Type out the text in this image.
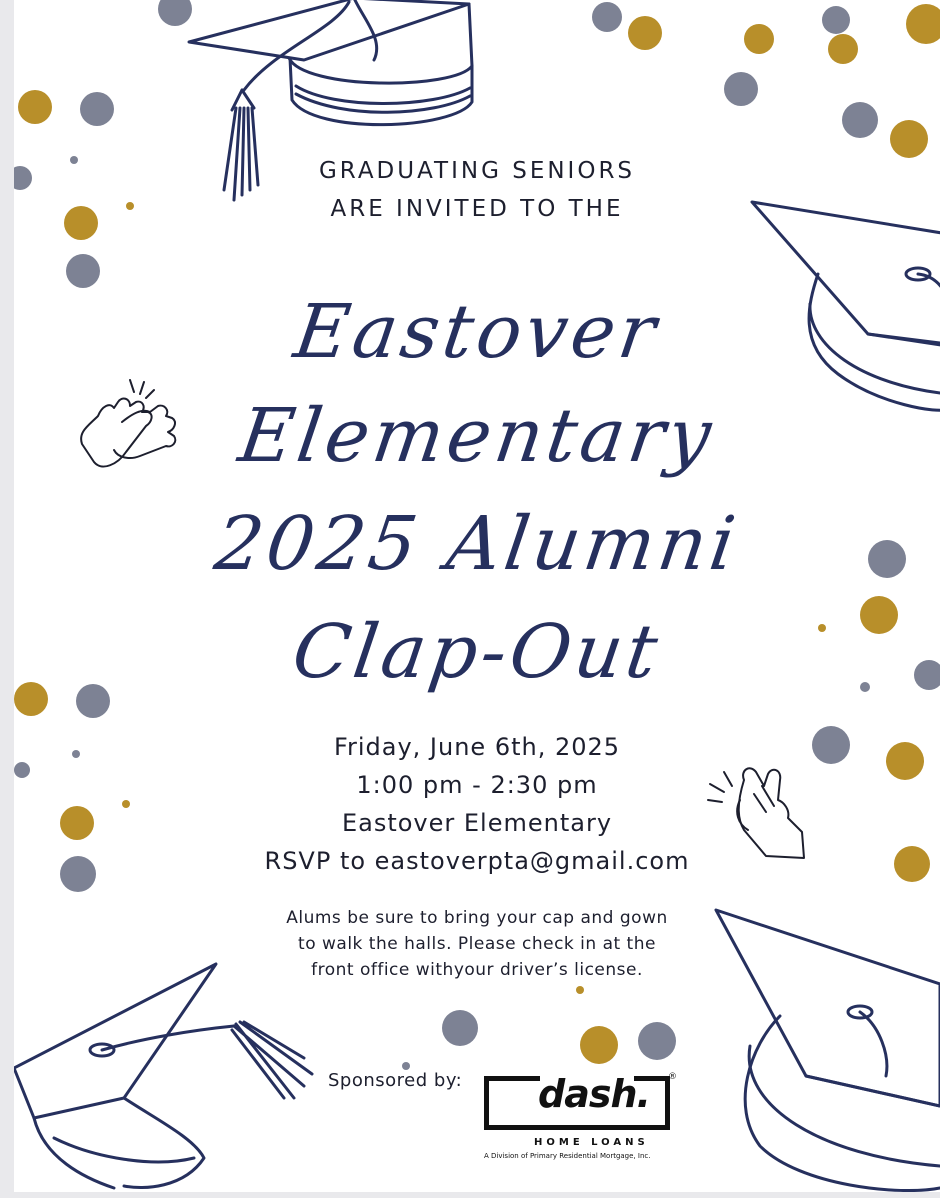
GRADUATING SENIORS
ARE INVITED TO THE
Eastover
Elementary
2025 Alumni
Clap-Out
Friday, June 6th, 2025
1:00 pm - 2:30 pm
Eastover Elementary
RSVP to eastoverpta@gmail.com
Alums be sure to bring your cap and gown
to walk the halls. Please check in at the
front office withyour driver’s license.
Sponsored by: dash.
HOME LOANS
A Division of Primary Residential Mortgage, Inc.
®
